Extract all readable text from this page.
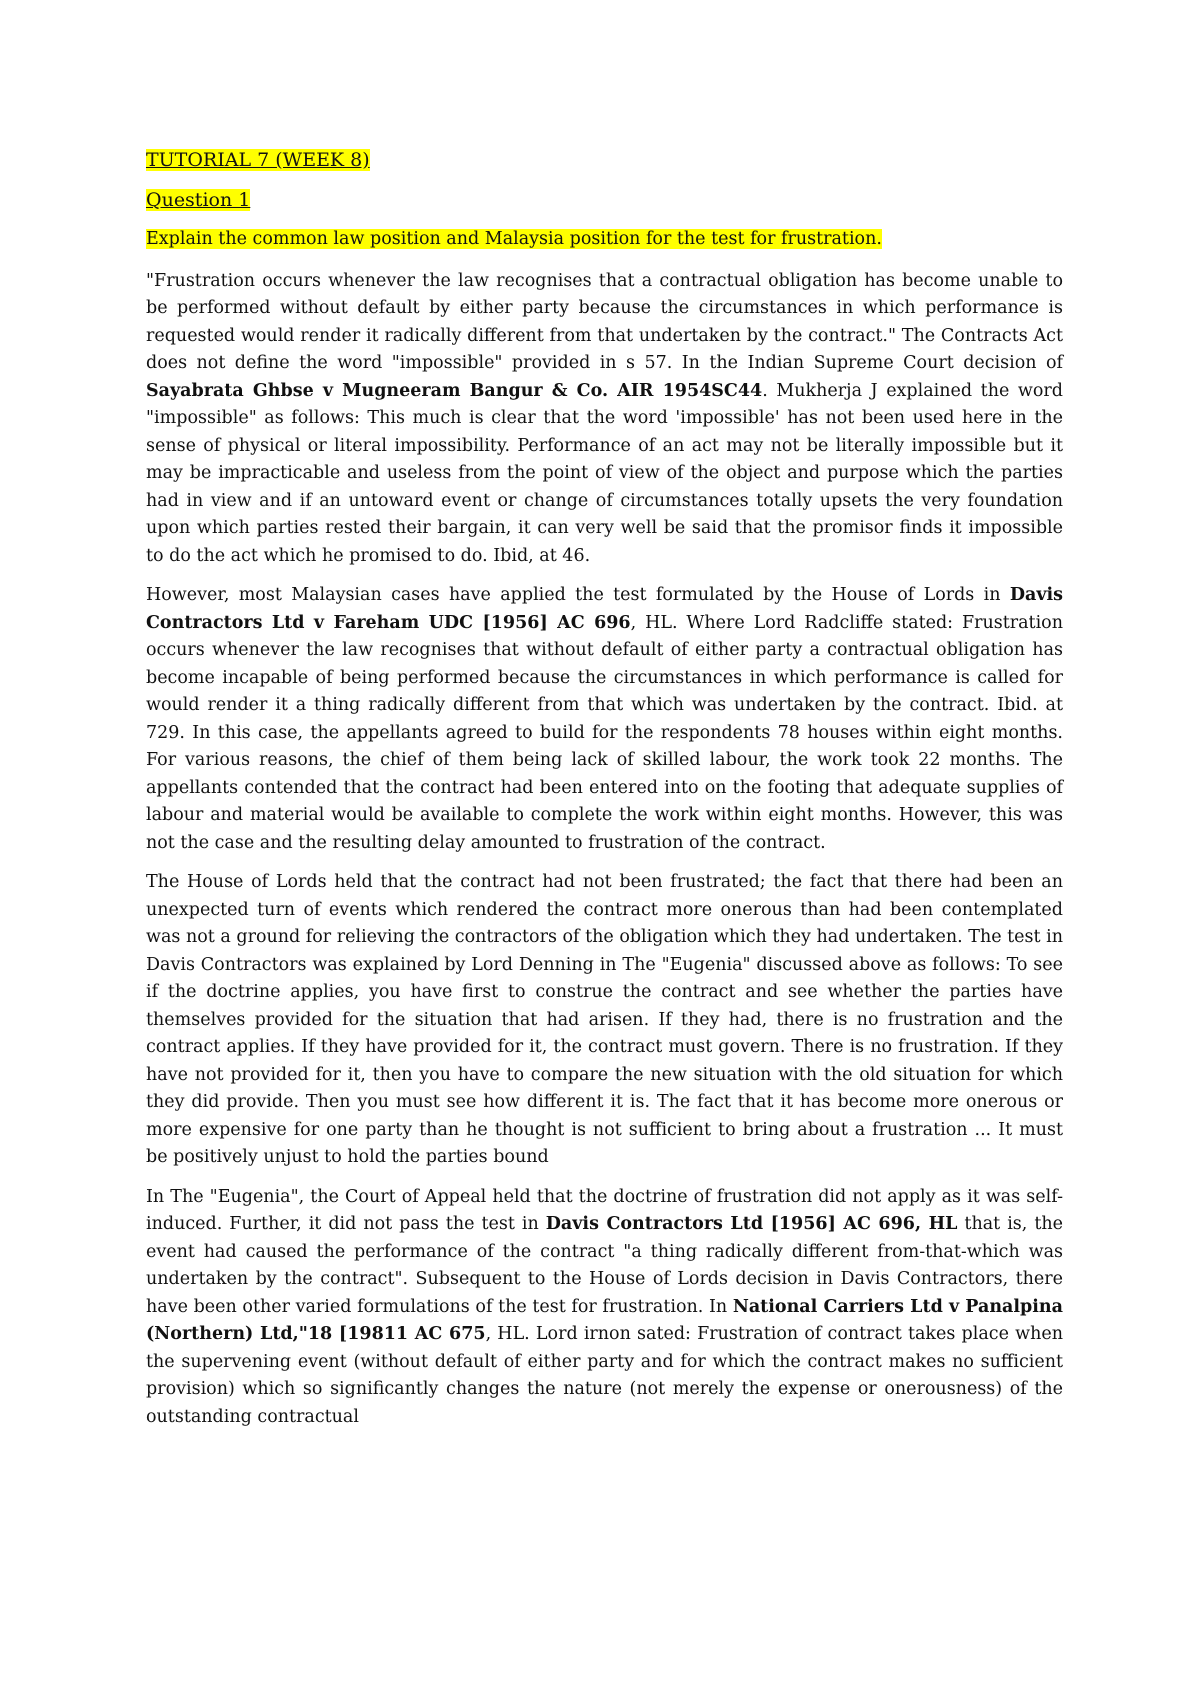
TUTORIAL 7 (WEEK 8)
Question 1
Explain the common law position and Malaysia position for the test for frustration.

"Frustration occurs whenever the law recognises that a contractual obligation has become unable to be performed without default by either party because the circumstances in which performance is requested would render it radically different from that undertaken by the contract." The Contracts Act does not define the word "impossible" provided in s 57. In the Indian Supreme Court decision of Sayabrata Ghbse v Mugneeram Bangur & Co. AIR 1954SC44. Mukherja J explained the word "impossible" as follows: This much is clear that the word 'impossible' has not been used here in the sense of physical or literal impossibility. Performance of an act may not be literally impossible but it may be impracticable and useless from the point of view of the object and purpose which the parties had in view and if an untoward event or change of circumstances totally upsets the very foundation upon which parties rested their bargain, it can very well be said that the promisor finds it impossible to do the act which he promised to do. Ibid, at 46.

However, most Malaysian cases have applied the test formulated by the House of Lords in Davis Contractors Ltd v Fareham UDC [1956] AC 696, HL. Where Lord Radcliffe stated: Frustration occurs whenever the law recognises that without default of either party a contractual obligation has become incapable of being performed because the circumstances in which performance is called for would render it a thing radically different from that which was undertaken by the contract. Ibid. at 729. In this case, the appellants agreed to build for the respondents 78 houses within eight months. For various reasons, the chief of them being lack of skilled labour, the work took 22 months. The appellants contended that the contract had been entered into on the footing that adequate supplies of labour and material would be available to complete the work within eight months. However, this was not the case and the resulting delay amounted to frustration of the contract.

The House of Lords held that the contract had not been frustrated; the fact that there had been an unexpected turn of events which rendered the contract more onerous than had been contemplated was not a ground for relieving the contractors of the obligation which they had undertaken. The test in Davis Contractors was explained by Lord Denning in The "Eugenia" discussed above as follows: To see if the doctrine applies, you have first to construe the contract and see whether the parties have themselves provided for the situation that had arisen. If they had, there is no frustration and the contract applies. If they have provided for it, the contract must govern. There is no frustration. If they have not provided for it, then you have to compare the new situation with the old situation for which they did provide. Then you must see how different it is. The fact that it has become more onerous or more expensive for one party than he thought is not sufficient to bring about a frustration ... It must be positively unjust to hold the parties bound

In The "Eugenia", the Court of Appeal held that the doctrine of frustration did not apply as it was self-induced. Further, it did not pass the test in Davis Contractors Ltd [1956] AC 696, HL that is, the event had caused the performance of the contract "a thing radically different from-that-which was undertaken by the contract". Subsequent to the House of Lords decision in Davis Contractors, there have been other varied formulations of the test for frustration. In National Carriers Ltd v Panalpina (Northern) Ltd,"18 [19811 AC 675, HL. Lord irnon sated: Frustration of contract takes place when the supervening event (without default of either party and for which the contract makes no sufficient provision) which so significantly changes the nature (not merely the expense or onerousness) of the outstanding contractual
